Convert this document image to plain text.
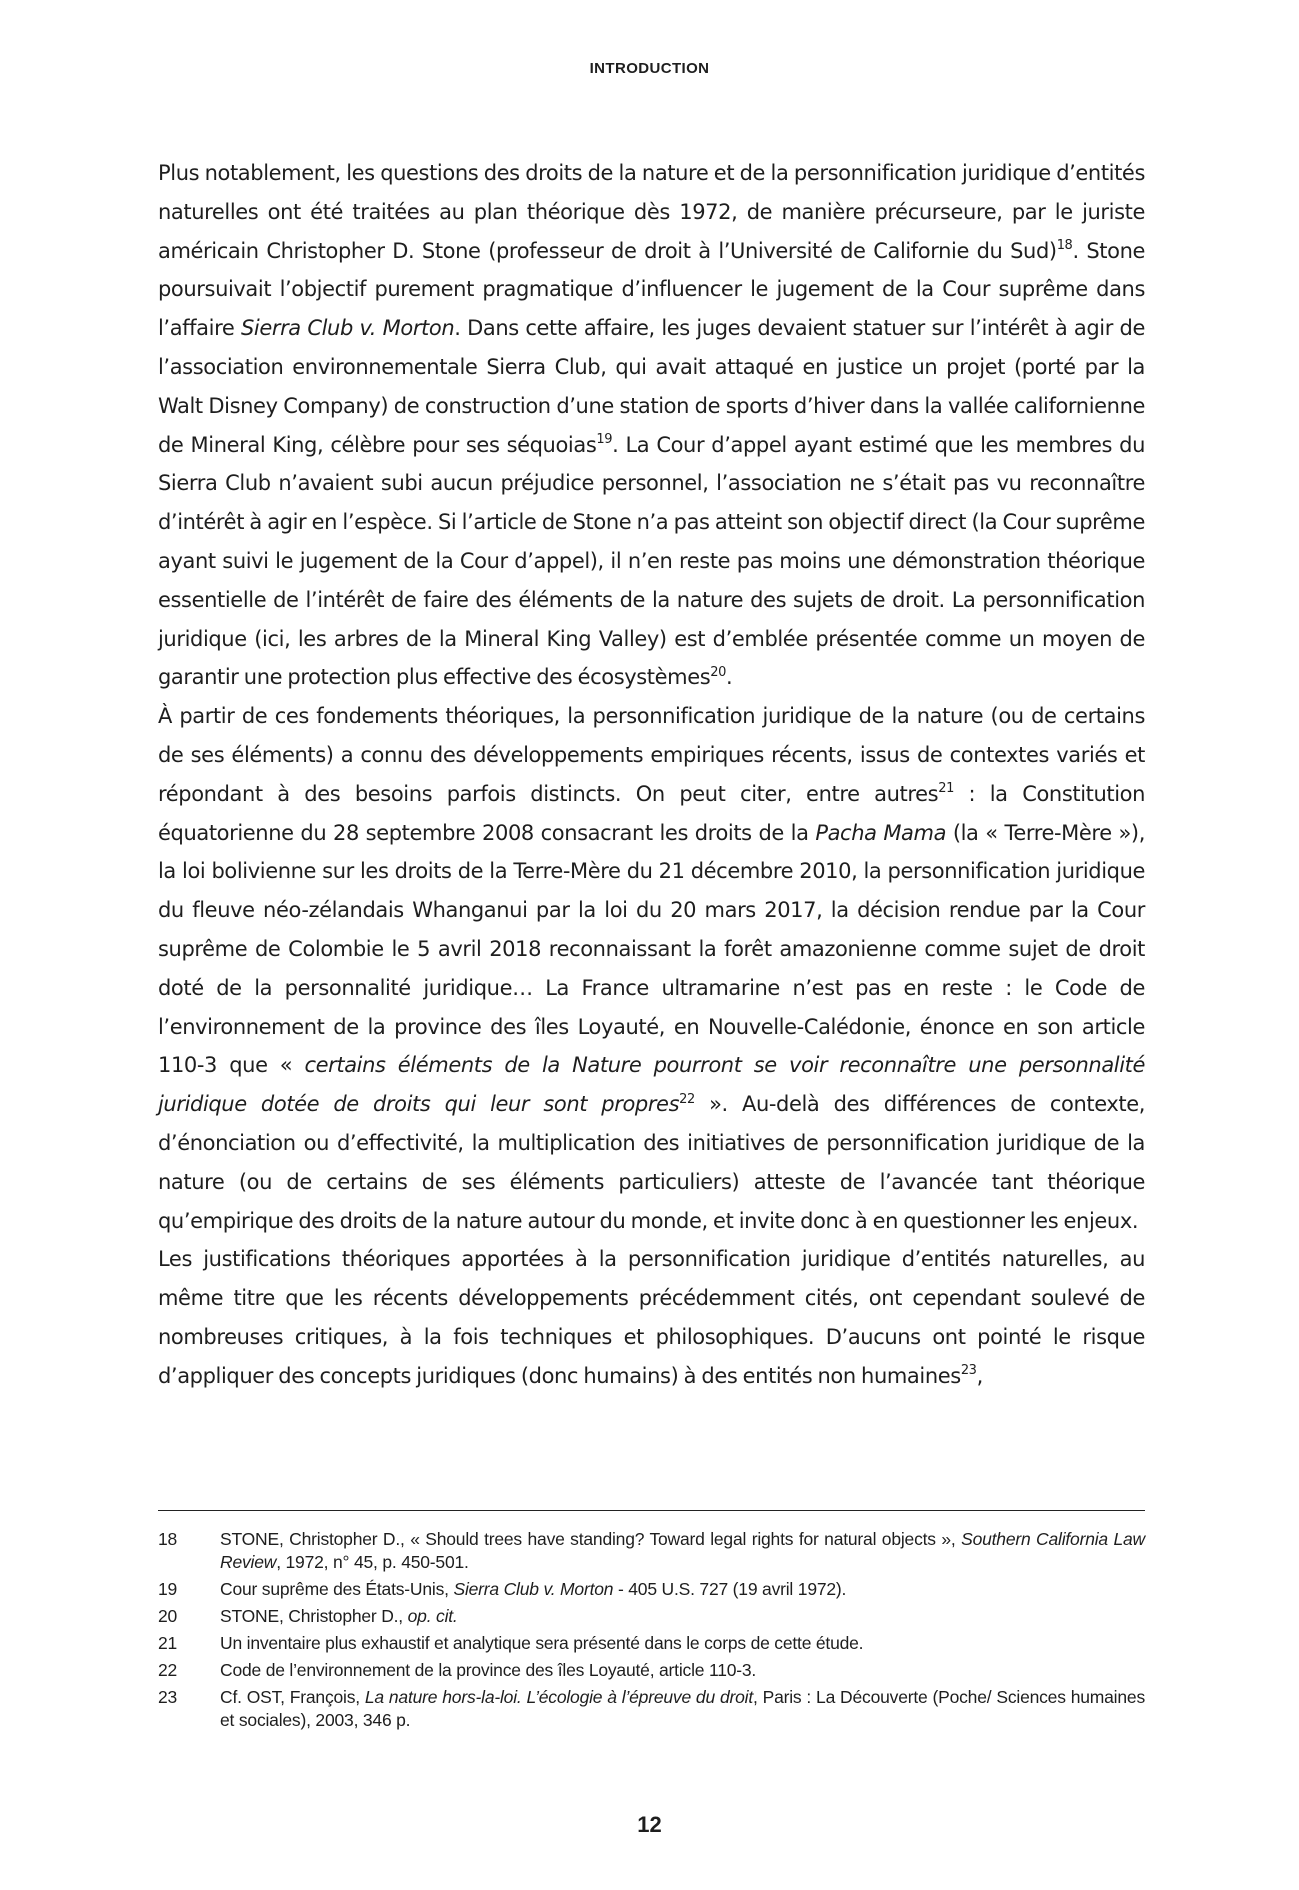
INTRODUCTION

Plus notablement, les questions des droits de la nature et de la personnification juridique d’entités naturelles ont été traitées au plan théorique dès 1972, de manière précurseure, par le juriste américain Christopher D. Stone (professeur de droit à l’Université de Californie du Sud)$^{18}$. Stone poursuivait l’objectif purement pragmatique d’influencer le jugement de la Cour suprême dans l’affaire Sierra Club v. Morton. Dans cette affaire, les juges devaient statuer sur l’intérêt à agir de l’association environnementale Sierra Club, qui avait attaqué en justice un projet (porté par la Walt Disney Company) de construction d’une station de sports d’hiver dans la vallée californienne de Mineral King, célèbre pour ses séquoias$^{19}$. La Cour d’appel ayant estimé que les membres du Sierra Club n’avaient subi aucun préjudice personnel, l’association ne s’était pas vu reconnaître d’intérêt à agir en l’espèce. Si l’article de Stone n’a pas atteint son objectif direct (la Cour suprême ayant suivi le jugement de la Cour d’appel), il n’en reste pas moins une démonstration théorique essentielle de l’intérêt de faire des éléments de la nature des sujets de droit. La personnification juridique (ici, les arbres de la Mineral King Valley) est d’emblée présentée comme un moyen de garantir une protection plus effective des écosystèmes$^{20}$.

À partir de ces fondements théoriques, la personnification juridique de la nature (ou de certains de ses éléments) a connu des développements empiriques récents, issus de contextes variés et répondant à des besoins parfois distincts. On peut citer, entre autres$^{21}$ : la Constitution équatorienne du 28 septembre 2008 consacrant les droits de la Pacha Mama (la « Terre-Mère »), la loi bolivienne sur les droits de la Terre-Mère du 21 décembre 2010, la personnification juridique du fleuve néo-zélandais Whanganui par la loi du 20 mars 2017, la décision rendue par la Cour suprême de Colombie le 5 avril 2018 reconnaissant la forêt amazonienne comme sujet de droit doté de la personnalité juridique… La France ultramarine n’est pas en reste : le Code de l’environnement de la province des îles Loyauté, en Nouvelle-Calédonie, énonce en son article 110-3 que « certains éléments de la Nature pourront se voir reconnaître une personnalité juridique dotée de droits qui leur sont propres$^{22}$ ». Au-delà des différences de contexte, d’énonciation ou d’effectivité, la multiplication des initiatives de personnification juridique de la nature (ou de certains de ses éléments particuliers) atteste de l’avancée tant théorique qu’empirique des droits de la nature autour du monde, et invite donc à en questionner les enjeux.

Les justifications théoriques apportées à la personnification juridique d’entités naturelles, au même titre que les récents développements précédemment cités, ont cependant soulevé de nombreuses critiques, à la fois techniques et philosophiques. D’aucuns ont pointé le risque d’appliquer des concepts juridiques (donc humains) à des entités non humaines$^{23}$,

18	STONE, Christopher D., « Should trees have standing? Toward legal rights for natural objects », Southern California Law Review, 1972, n° 45, p. 450-501.
19	Cour suprême des États-Unis, Sierra Club v. Morton - 405 U.S. 727 (19 avril 1972).
20	STONE, Christopher D., op. cit.
21	Un inventaire plus exhaustif et analytique sera présenté dans le corps de cette étude.
22	Code de l’environnement de la province des îles Loyauté, article 110-3.
23	Cf. OST, François, La nature hors-la-loi. L’écologie à l’épreuve du droit, Paris : La Découverte (Poche/ Sciences humaines et sociales), 2003, 346 p.
12
